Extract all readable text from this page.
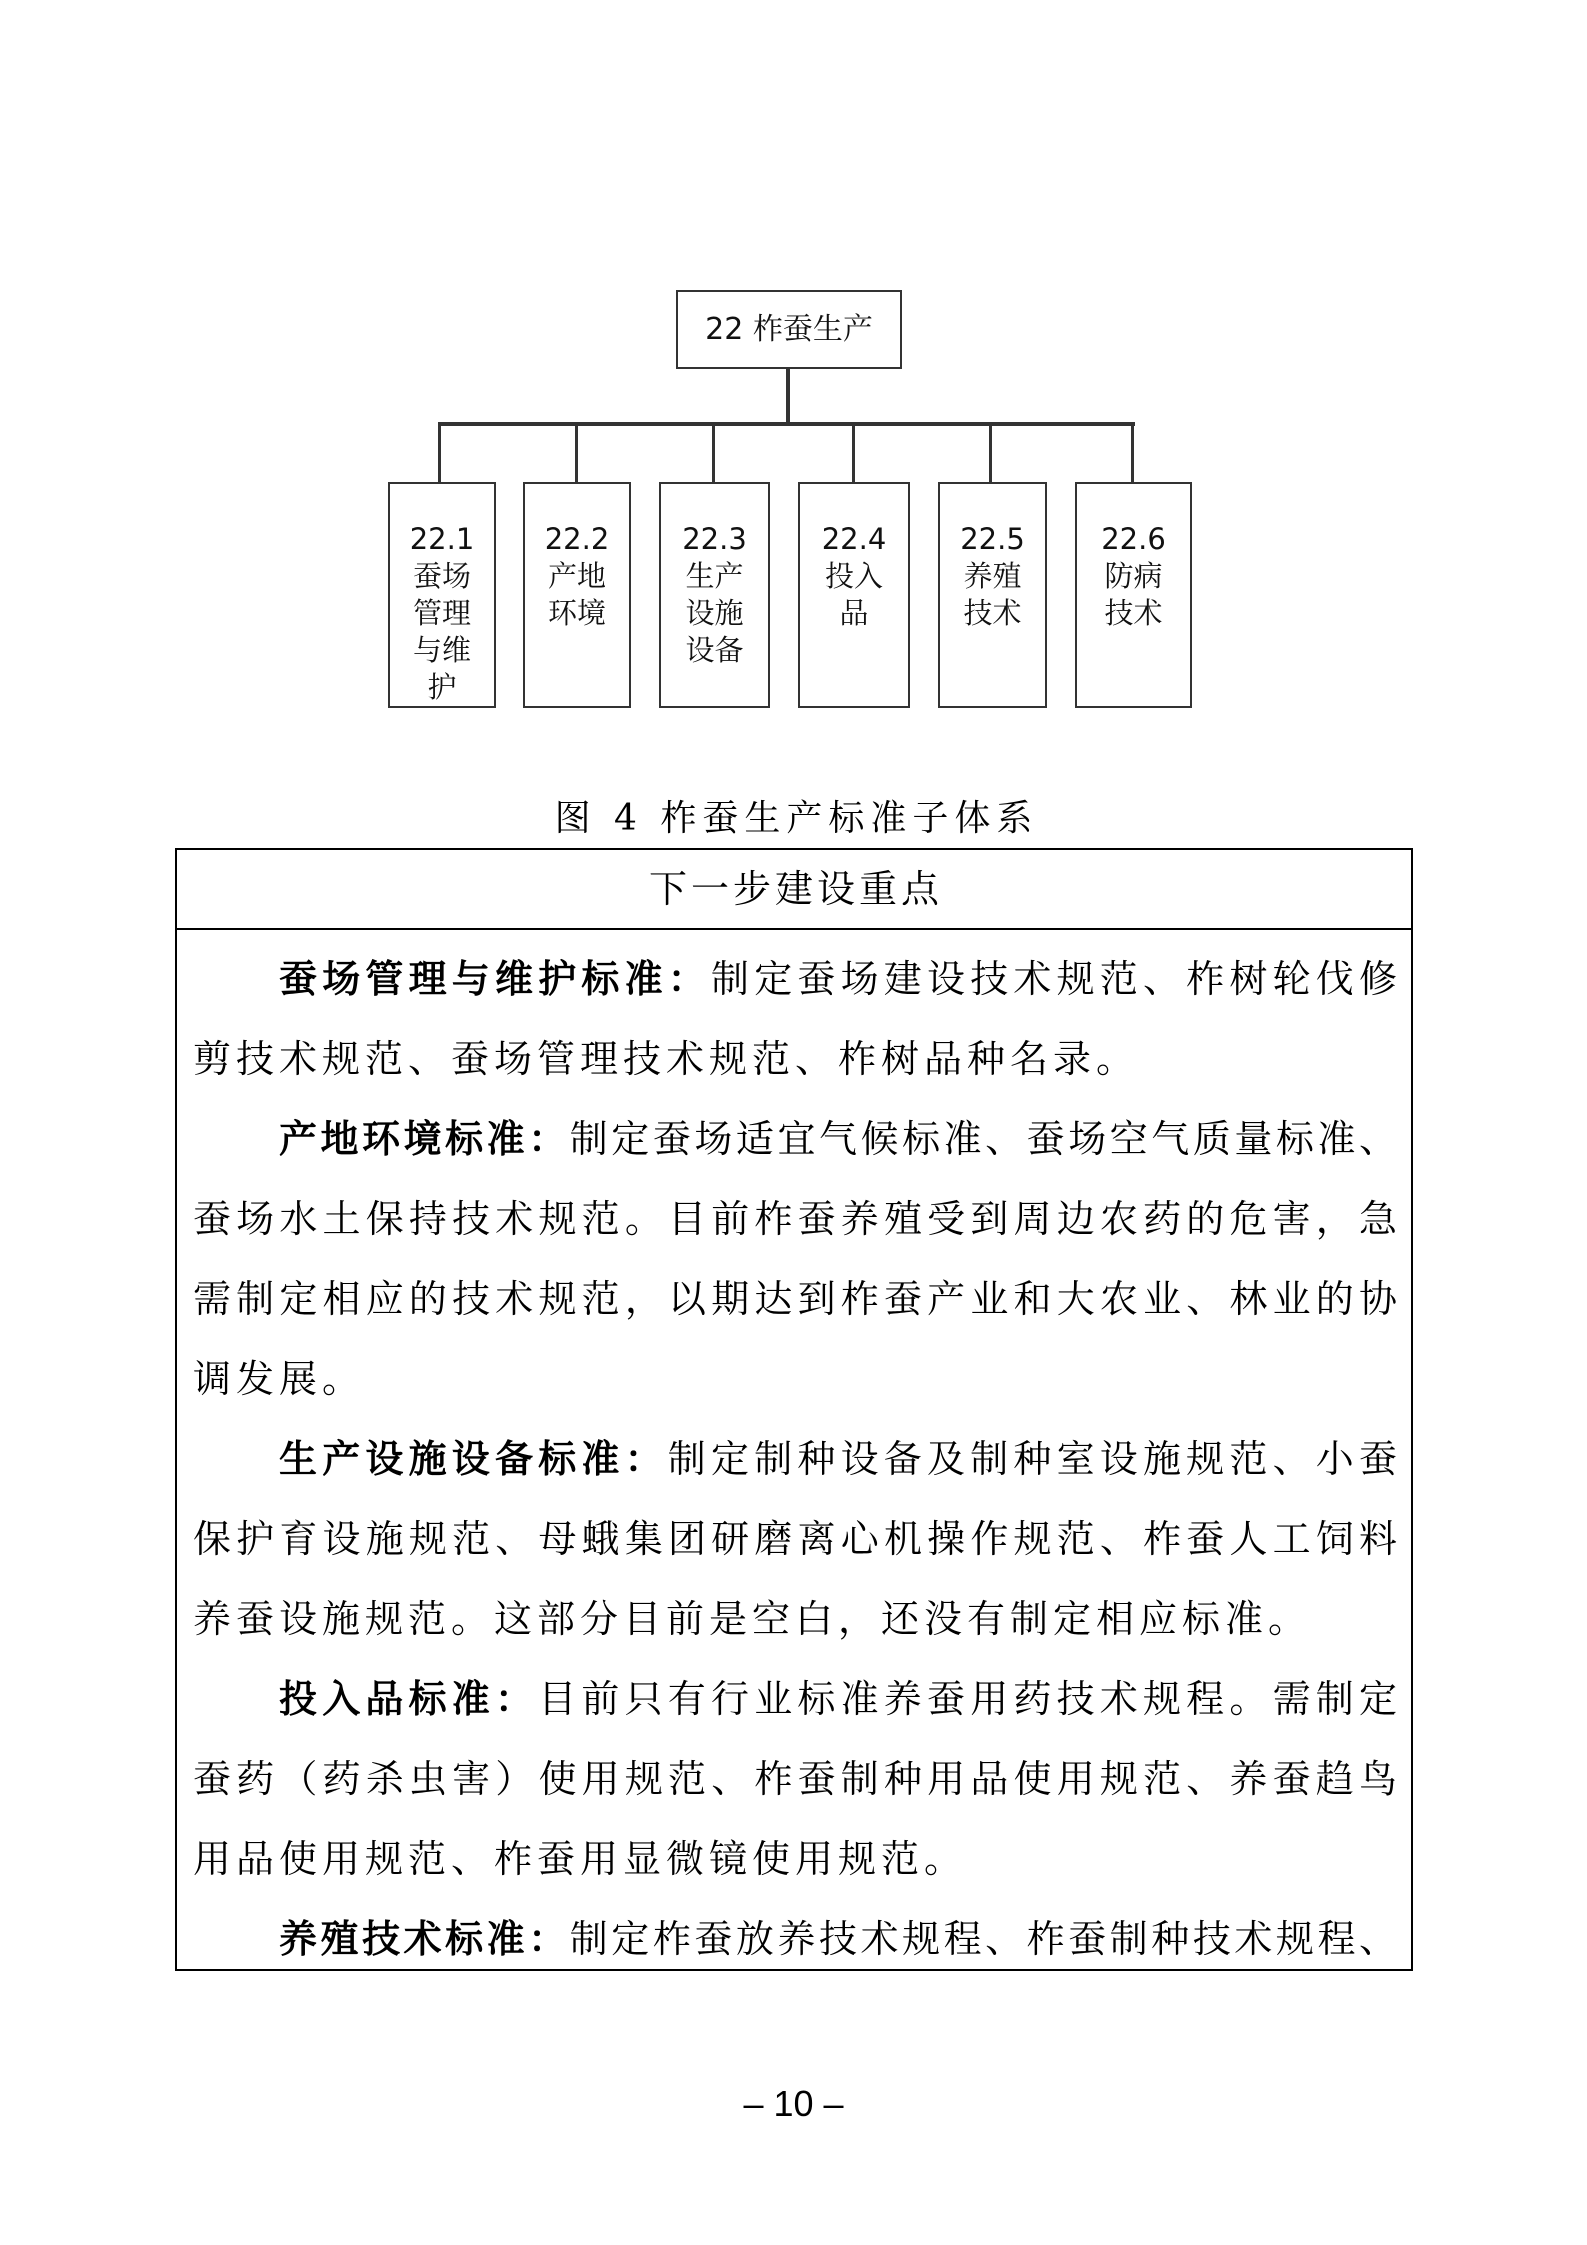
22 柞蚕生产
22.1
蚕场
管理
与维
护
22.2
产地
环境
22.3
生产
设施
设备
22.4
投入
品
22.5
养殖
技术
22.6
防病
技术
图 4 柞蚕生产标准子体系
下一步建设重点
蚕场管理与维护标准：制定蚕场建设技术规范、柞树轮伐修
剪技术规范、蚕场管理技术规范、柞树品种名录。
产地环境标准：制定蚕场适宜气候标准、蚕场空气质量标准、
蚕场水土保持技术规范。目前柞蚕养殖受到周边农药的危害，急
需制定相应的技术规范，以期达到柞蚕产业和大农业、林业的协
调发展。
生产设施设备标准：制定制种设备及制种室设施规范、小蚕
保护育设施规范、母蛾集团研磨离心机操作规范、柞蚕人工饲料
养蚕设施规范。这部分目前是空白，还没有制定相应标准。
投入品标准：目前只有行业标准养蚕用药技术规程。需制定
蚕药（药杀虫害）使用规范、柞蚕制种用品使用规范、养蚕趋鸟
用品使用规范、柞蚕用显微镜使用规范。
养殖技术标准：制定柞蚕放养技术规程、柞蚕制种技术规程、
– 10 –
